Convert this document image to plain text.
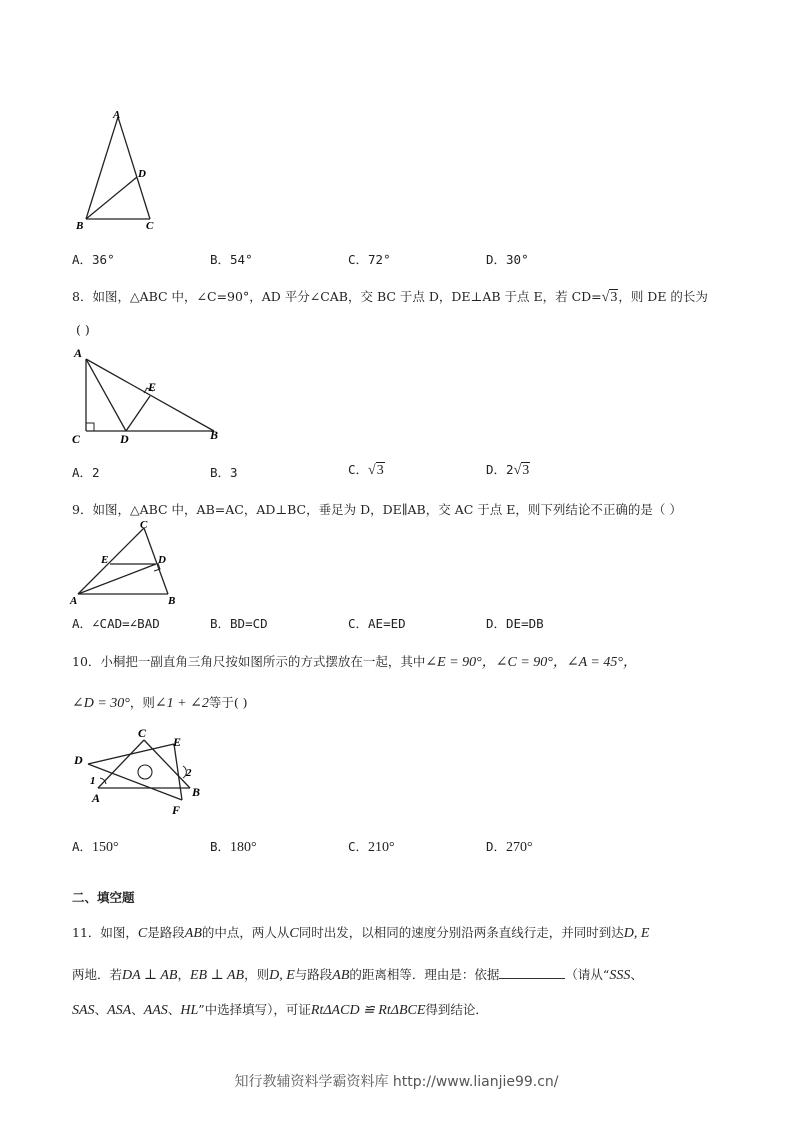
A
D
B	C
A．36°	B．54°	C．72°	D．30°
8．如图，△ABC 中，∠C=90°，AD 平分∠CAB，交 BC 于点 D，DE⊥AB 于点 E，若 CD=√3，则 DE 的长为
( )
A
E
C	D	B
A．2	B．3	C．√3	D．2√3
9．如图，△ABC 中，AB=AC，AD⊥BC，垂足为 D，DE∥AB，交 AC 于点 E，则下列结论不正确的是（ ）
C
E	D
A	B
A．∠CAD=∠BAD	B．BD=CD	C．AE=ED	D．DE=DB
10．小桐把一副直角三角尺按如图所示的方式摆放在一起，其中∠E = 90°，∠C = 90°，∠A = 45°，
∠D = 30°，则∠1 + ∠2等于( )
C
E
D
1
2
A	B
F
A．150°	B．180°	C．210°	D．270°
二、填空题
11．如图，C是路段AB的中点，两人从C同时出发，以相同的速度分别沿两条直线行走，并同时到达D, E
两地．若DA ⊥ AB，EB ⊥ AB，则D, E与路段AB的距离相等．理由是：依据	（请从“SSS、
SAS、ASA、AAS、HL”中选择填写），可证RtΔACD ≌ RtΔBCE得到结论．
知行教辅资料学霸资料库 http://www.lianjie99.cn/
